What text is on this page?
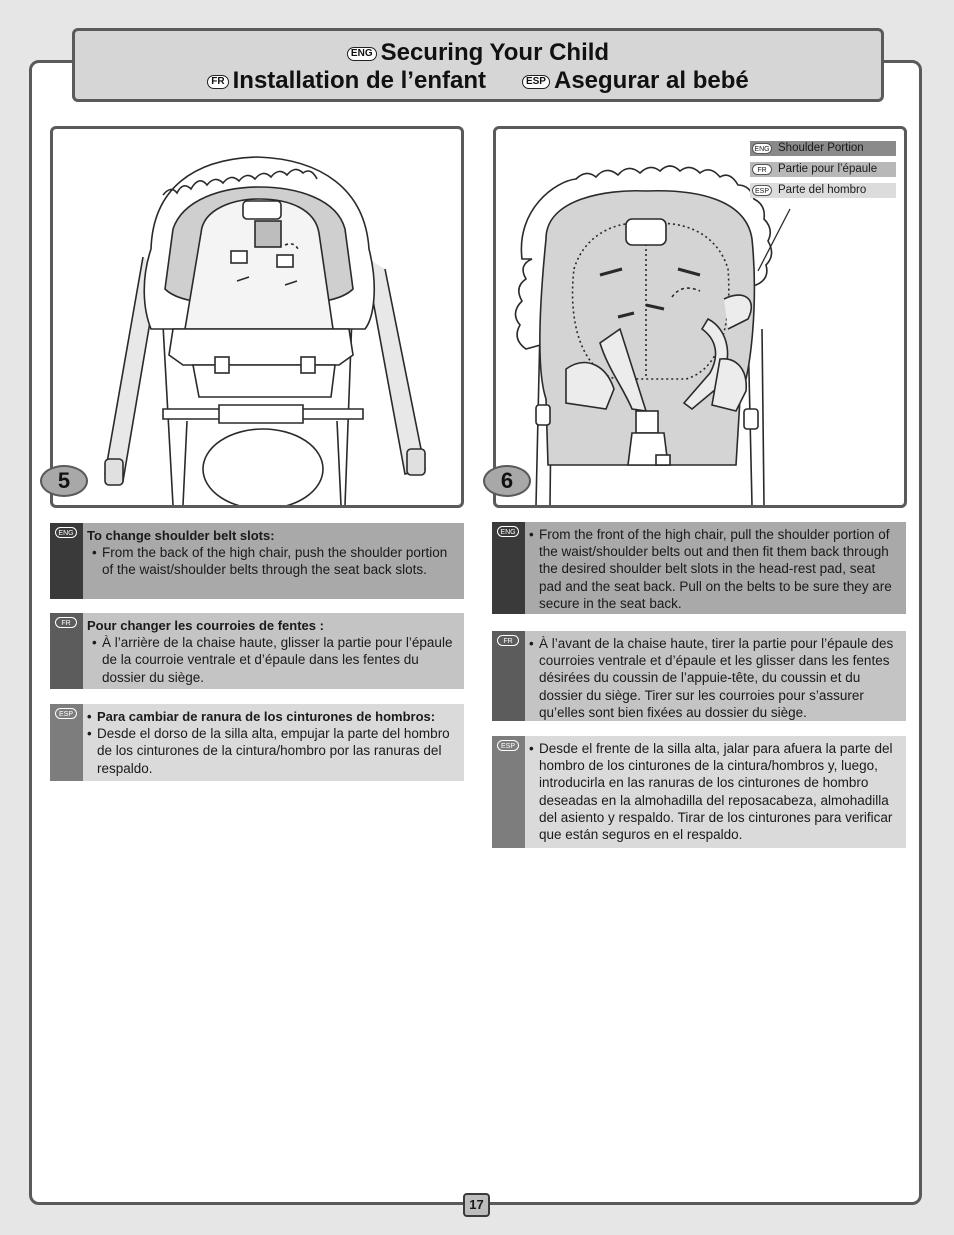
ENG Securing Your Child
FR Installation de l’enfant	ESP Asegurar al bebé
5
ENG Shoulder Portion
FR Partie pour l’épaule
ESP Parte del hombro
6
ENG To change shoulder belt slots:
• From the back of the high chair, push the shoulder portion of the waist/shoulder belts through the seat back slots.
FR	Pour changer les courroies de fentes :
• À l’arrière de la chaise haute, glisser la partie pour l’épaule de la courroie ventrale et d’épaule dans les fentes du dossier du siège.
ESP	• Para cambiar de ranura de los cinturones de hombros:
• Desde el dorso de la silla alta, empujar la parte del hombro de los cinturones de la cintura/hombro por las ranuras del respaldo.
ENG • From the front of the high chair, pull the shoulder portion of the waist/shoulder belts out and then fit them back through the desired shoulder belt slots in the head-rest pad, seat pad and the seat back. Pull on the belts to be sure they are secure in the seat back.
FR	• À l’avant de la chaise haute, tirer la partie pour l’épaule des courroies ventrale et d’épaule et les glisser dans les fentes désirées du coussin de l’appuie-tête, du coussin et du dossier du siège. Tirer sur les courroies pour s’assurer qu’elles sont bien fixées au dossier du siège.
ESP • Desde el frente de la silla alta, jalar para afuera la parte del hombro de los cinturones de la cintura/hombros y, luego, introducirla en las ranuras de los cinturones de hombro deseadas en la almohadilla del reposacabeza, almohadilla del asiento y respaldo. Tirar de los cinturones para verificar que están seguros en el respaldo.
17
